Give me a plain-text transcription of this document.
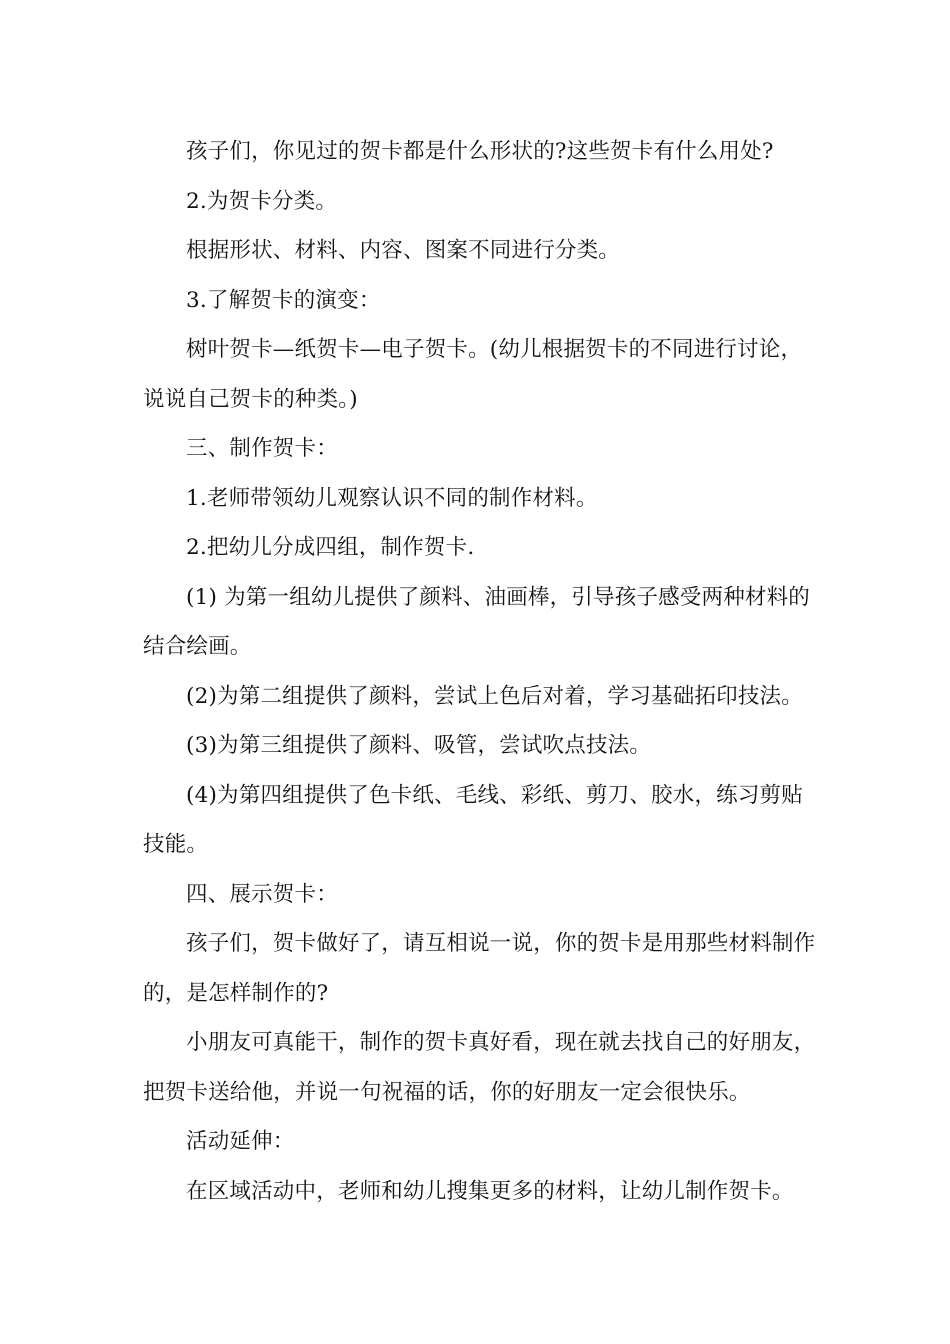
孩子们，你见过的贺卡都是什么形状的?这些贺卡有什么用处?

2.为贺卡分类。

根据形状、材料、内容、图案不同进行分类。

3.了解贺卡的演变：

树叶贺卡—纸贺卡—电子贺卡。(幼儿根据贺卡的不同进行讨论，说说自己贺卡的种类。)

三、制作贺卡：

1.老师带领幼儿观察认识不同的制作材料。

2.把幼儿分成四组，制作贺卡.

(1) 为第一组幼儿提供了颜料、油画棒，引导孩子感受两种材料的结合绘画。

(2)为第二组提供了颜料，尝试上色后对着，学习基础拓印技法。

(3)为第三组提供了颜料、吸管，尝试吹点技法。

(4)为第四组提供了色卡纸、毛线、彩纸、剪刀、胶水，练习剪贴技能。

四、展示贺卡：

孩子们，贺卡做好了，请互相说一说，你的贺卡是用那些材料制作的，是怎样制作的?

小朋友可真能干，制作的贺卡真好看，现在就去找自己的好朋友，把贺卡送给他，并说一句祝福的话，你的好朋友一定会很快乐。

活动延伸：

在区域活动中，老师和幼儿搜集更多的材料，让幼儿制作贺卡。
